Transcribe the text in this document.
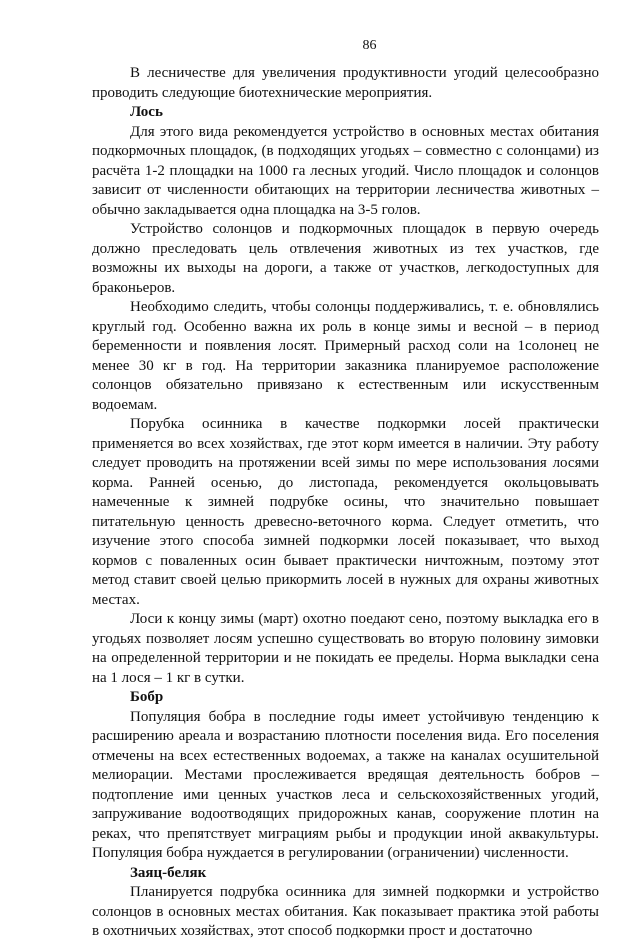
86

В лесничестве для увеличения продуктивности угодий целесообразно проводить следующие биотехнические мероприятия.

Лось

Для этого вида рекомендуется устройство в основных местах обитания подкормочных площадок, (в подходящих угодьях – совместно с солонцами) из расчёта 1-2 площадки на 1000 га лесных угодий. Число площадок и солонцов зависит от численности обитающих на территории лесничества животных – обычно закладывается одна площадка на 3-5 голов.

Устройство солонцов и подкормочных площадок в первую очередь должно преследовать цель отвлечения животных из тех участков, где возможны их выходы на дороги, а также от участков, легкодоступных для браконьеров.

Необходимо следить, чтобы солонцы поддерживались, т. е. обновлялись круглый год. Особенно важна их роль в конце зимы и весной – в период беременности и появления лосят. Примерный расход соли на 1солонец не менее 30 кг в год. На территории заказника планируемое расположение солонцов обязательно привязано к естественным или искусственным водоемам.

Порубка осинника в качестве подкормки лосей практически применяется во всех хозяйствах, где этот корм имеется в наличии. Эту работу следует проводить на протяжении всей зимы по мере использования лосями корма. Ранней осенью, до листопада, рекомендуется окольцовывать намеченные к зимней подрубке осины, что значительно повышает питательную ценность древесно-веточного корма. Следует отметить, что изучение этого способа зимней подкормки лосей показывает, что выход кормов с поваленных осин бывает практически ничтожным, поэтому этот метод ставит своей целью прикормить лосей в нужных для охраны животных местах.

Лоси к концу зимы (март) охотно поедают сено, поэтому выкладка его в угодьях позволяет лосям успешно существовать во вторую половину зимовки на определенной территории и не покидать ее пределы. Норма выкладки сена на 1 лося – 1 кг в сутки.

Бобр

Популяция бобра в последние годы имеет устойчивую тенденцию к расширению ареала и возрастанию плотности поселения вида. Его поселения отмечены на всех естественных водоемах, а также на каналах осушительной мелиорации. Местами прослеживается вредящая деятельность бобров – подтопление ими ценных участков леса и сельскохозяйственных угодий, запруживание водоотводящих придорожных канав, сооружение плотин на реках, что препятствует миграциям рыбы и продукции иной аквакультуры. Популяция бобра нуждается в регулировании (ограничении) численности.

Заяц-беляк

Планируется подрубка осинника для зимней подкормки и устройство солонцов в основных местах обитания. Как показывает практика этой работы в охотничьих хозяйствах, этот способ подкормки прост и достаточно
